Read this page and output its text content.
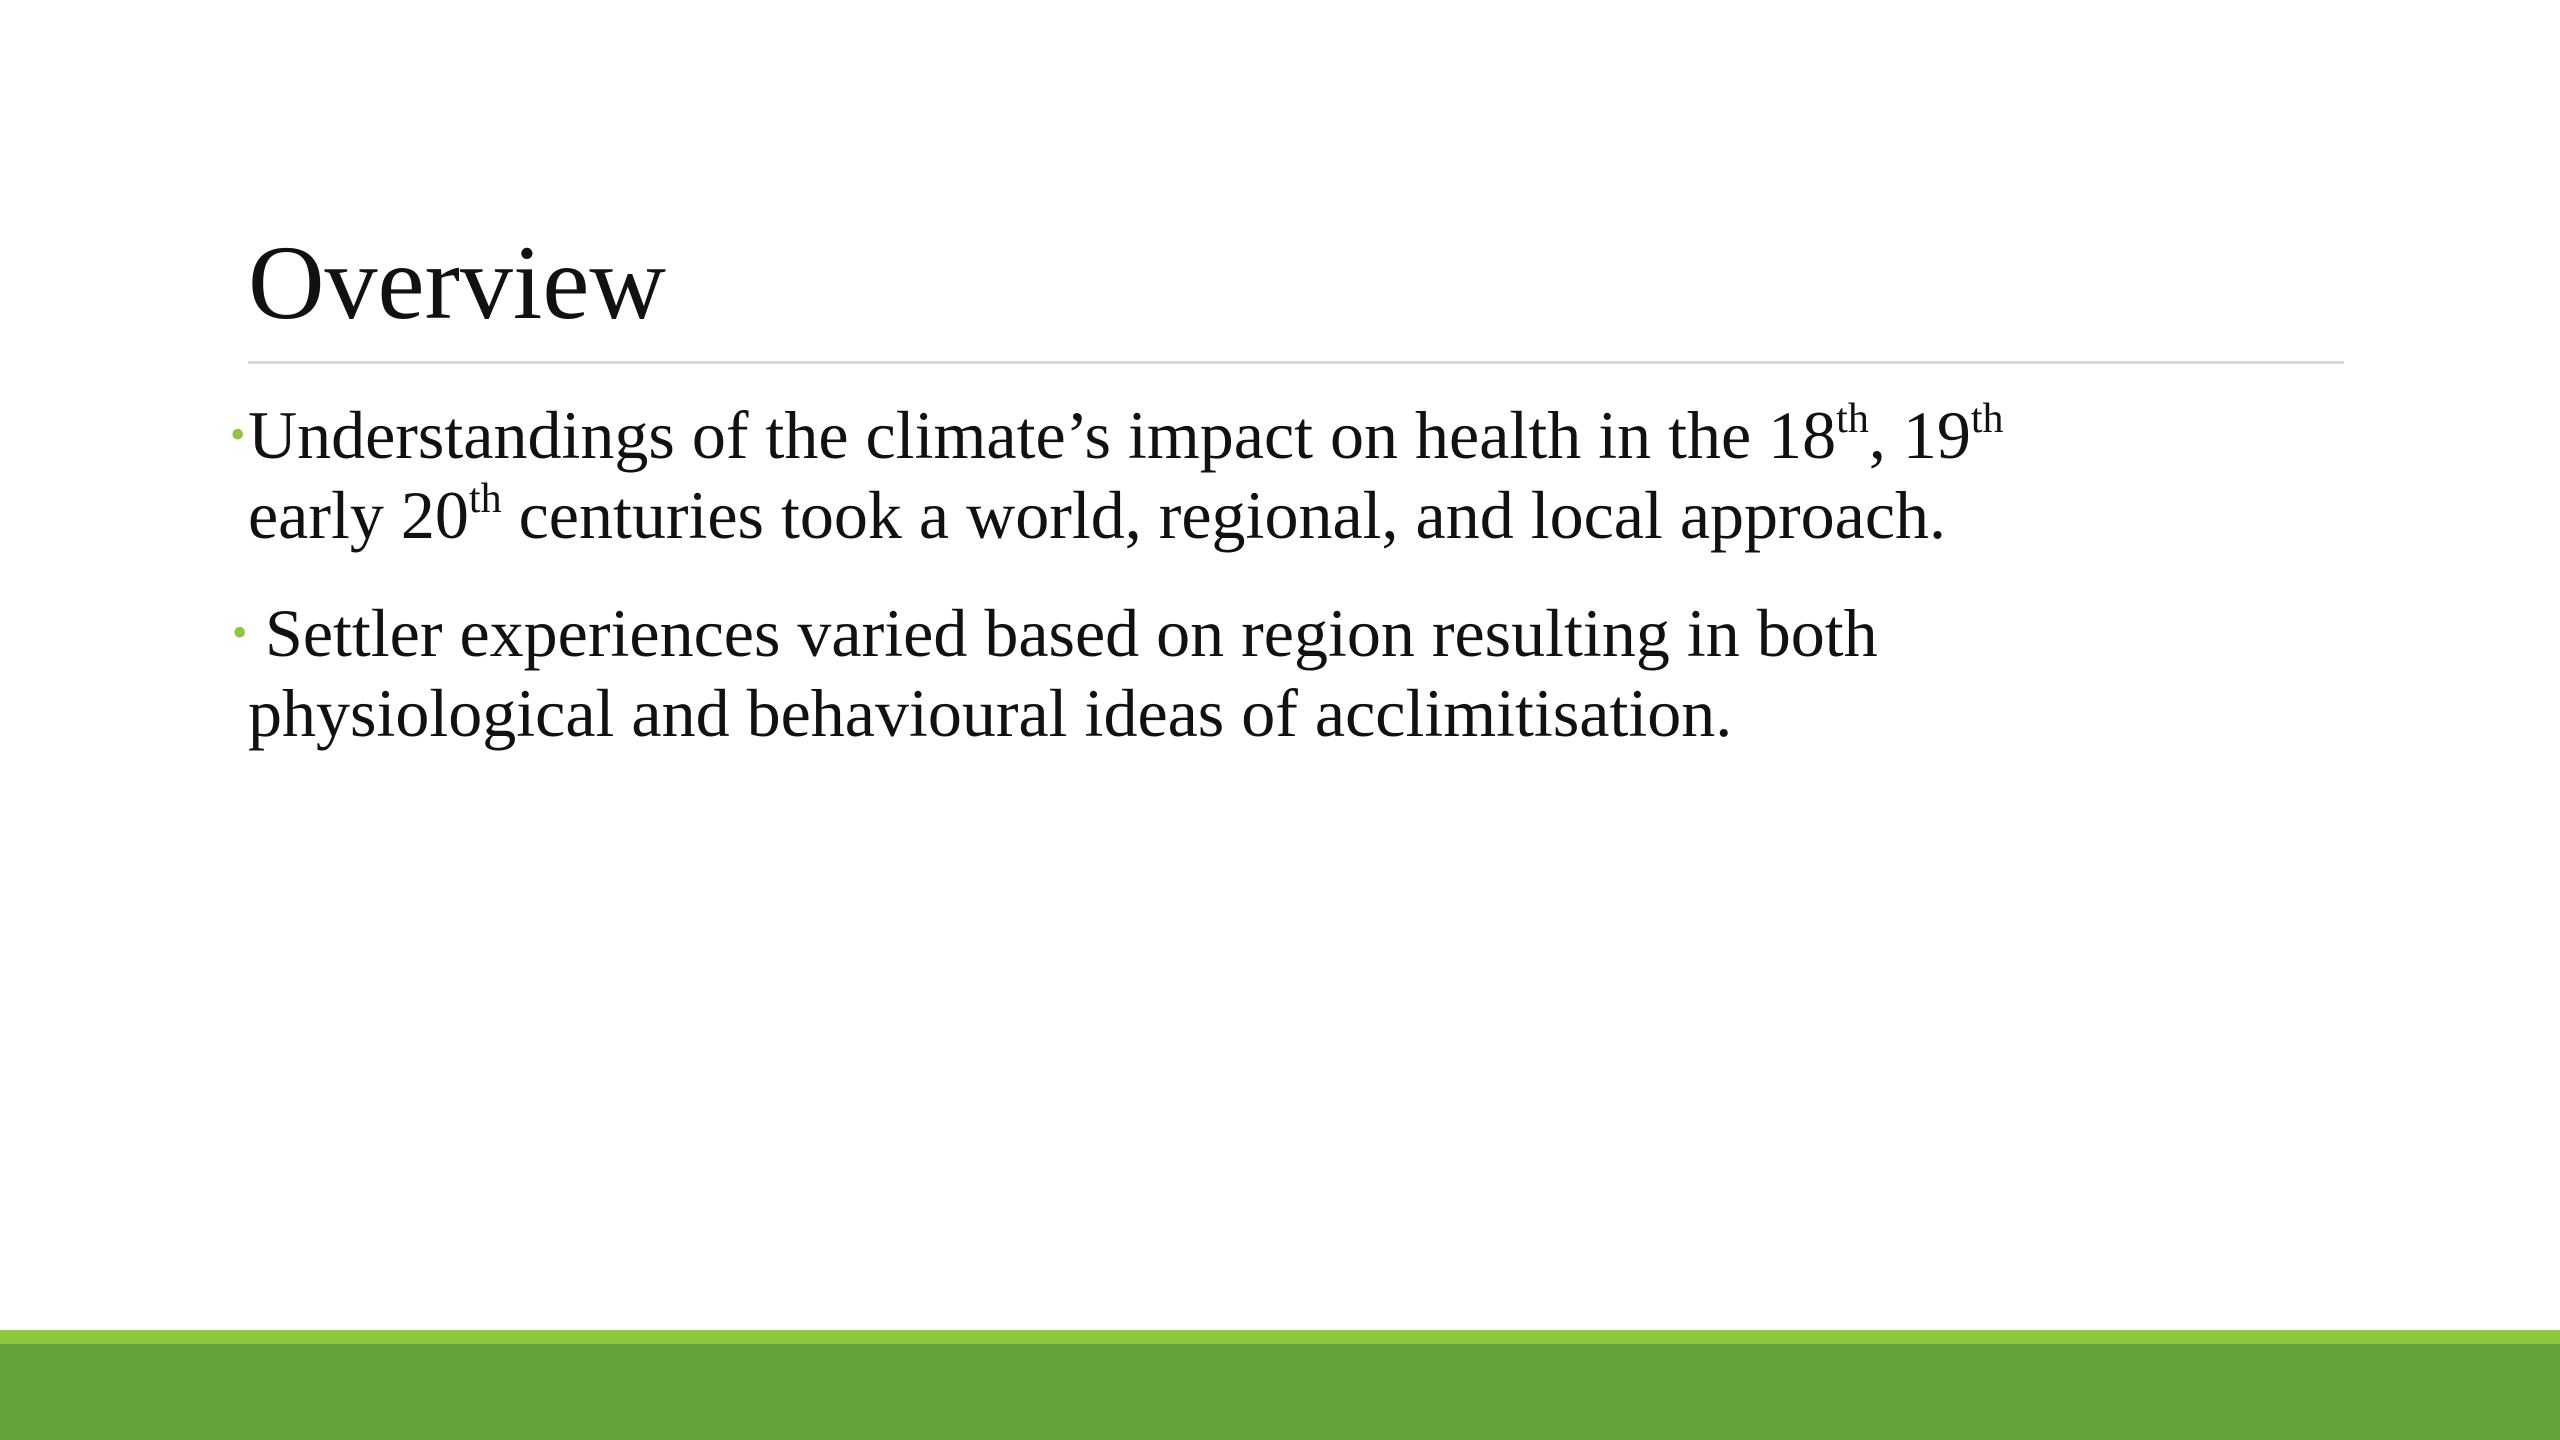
Overview
• Understandings of the climate’s impact on health in the 18th, 19th
early 20th centuries took a world, regional, and local approach.
• Settler experiences varied based on region resulting in both
physiological and behavioural ideas of acclimitisation.
